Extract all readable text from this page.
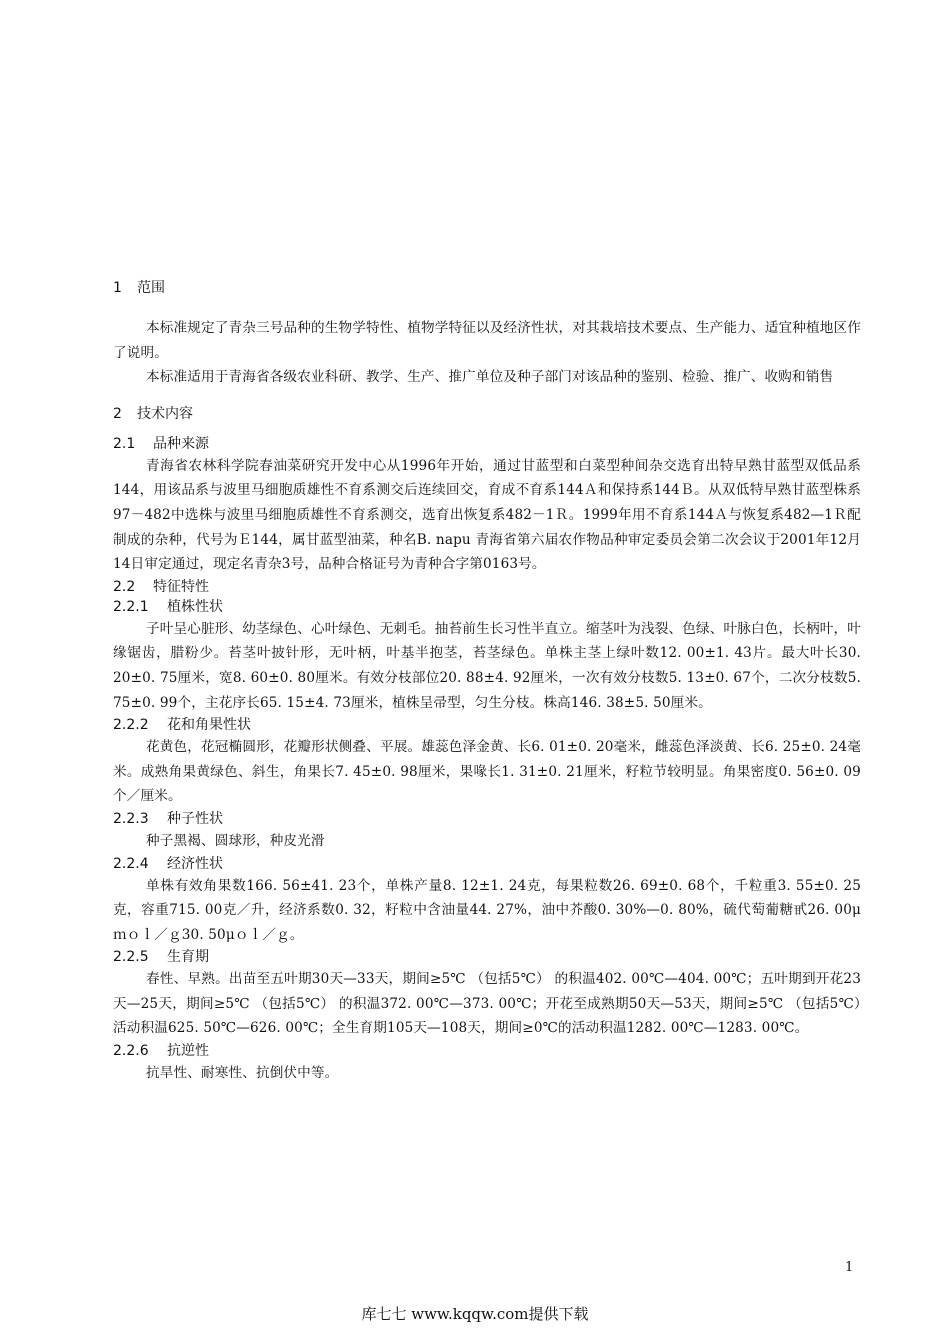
1 范围

本标准规定了青杂三号品种的生物学特性、植物学特征以及经济性状，对其栽培技术要点、生产能力、适宜种植地区作了说明。

本标准适用于青海省各级农业科研、教学、生产、推广单位及种子部门对该品种的鉴别、检验、推广、收购和销售

2 技术内容
2.1 品种来源

青海省农林科学院春油菜研究开发中心从1996年开始，通过甘蓝型和白菜型种间杂交选育出特早熟甘蓝型双低品系144，用该品系与波里马细胞质雄性不育系测交后连续回交，育成不育系144Ａ和保持系144Ｂ。从双低特早熟甘蓝型株系97－482中选株与波里马细胞质雄性不育系测交，选育出恢复系482－1Ｒ。1999年用不育系144Ａ与恢复系482—1Ｒ配制成的杂种，代号为Ｅ144，属甘蓝型油菜，种名B. napu 青海省第六届农作物品种审定委员会第二次会议于2001年12月14日审定通过，现定名青杂3号，品种合格证号为青种合字第0163号。

2.2 特征特性
2.2.1 植株性状

子叶呈心脏形、幼茎绿色、心叶绿色、无刺毛。抽苔前生长习性半直立。缩茎叶为浅裂、色绿、叶脉白色，长柄叶，叶缘锯齿，腊粉少。苔茎叶披针形，无叶柄，叶基半抱茎，苔茎绿色。单株主茎上绿叶数12. 00±1. 43片。最大叶长30. 20±0. 75厘米，宽8. 60±0. 80厘米。有效分枝部位20. 88±4. 92厘米，一次有效分枝数5. 13±0. 67个，二次分枝数5. 75±0. 99个，主花序长65. 15±4. 73厘米，植株呈帚型，匀生分枝。株高146. 38±5. 50厘米。

2.2.2 花和角果性状

花黄色，花冠椭圆形，花瓣形状侧叠、平展。雄蕊色泽金黄、长6. 01±0. 20毫米，雌蕊色泽淡黄、长6. 25±0. 24毫米。成熟角果黄绿色、斜生，角果长7. 45±0. 98厘米，果喙长1. 31±0. 21厘米，籽粒节较明显。角果密度0. 56±0. 09个／厘米。

2.2.3 种子性状

种子黑褐、圆球形，种皮光滑

2.2.4 经济性状

单株有效角果数166. 56±41. 23个，单株产量8. 12±1. 24克，每果粒数26. 69±0. 68个，千粒重3. 55±0. 25克，容重715. 00克／升，经济系数0. 32，籽粒中含油量44. 27%，油中芥酸0. 30%—0. 80%，硫代萄葡糖甙26. 00μｍｏｌ／ｇ30. 50μｏｌ／ｇ。

2.2.5 生育期

春性、早熟。出苗至五叶期30天—33天，期间≥5℃ （包括5℃） 的积温402. 00℃—404. 00℃；五叶期到开花23天—25天，期间≥5℃ （包括5℃） 的积温372. 00℃—373. 00℃；开花至成熟期50天—53天，期间≥5℃ （包括5℃）活动积温625. 50℃—626. 00℃；全生育期105天—108天，期间≥0℃的活动积温1282. 00℃—1283. 00℃。

2.2.6 抗逆性

抗旱性、耐寒性、抗倒伏中等。

1
库七七 www.kqqw.com提供下载
